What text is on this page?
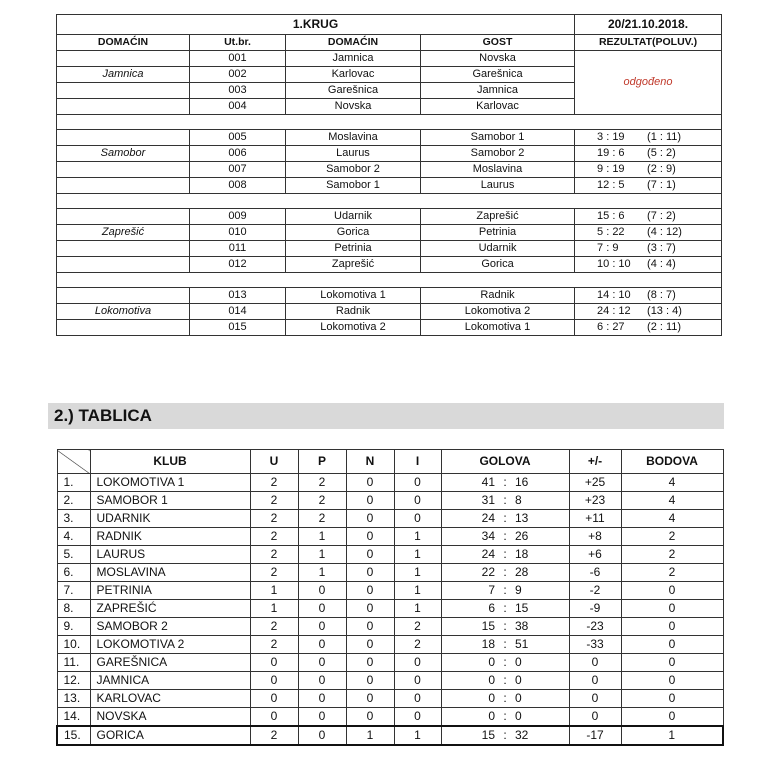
1.KRUG				20/21.10.2018.
DOMAĆIN	Ut.br.	DOMAĆIN	GOST	REZULTAT(POLUV.)
	001	Jamnica	Novska	odgođeno
Jamnica	002	Karlovac	Garešnica	
	003	Garešnica	Jamnica	
	004	Novska	Karlovac	

	005	Moslavina	Samobor 1	3 : 19 (1 : 11)
Samobor	006	Laurus	Samobor 2	19 : 6 (5 : 2)
	007	Samobor 2	Moslavina	9 : 19 (2 : 9)
	008	Samobor 1	Laurus	12 : 5 (7 : 1)

	009	Udarnik	Zaprešić	15 : 6 (7 : 2)
Zaprešić	010	Gorica	Petrinia	5 : 22 (4 : 12)
	011	Petrinia	Udarnik	7 : 9 (3 : 7)
	012	Zaprešić	Gorica	10 : 10 (4 : 4)

	013	Lokomotiva 1	Radnik	14 : 10 (8 : 7)
Lokomotiva	014	Radnik	Lokomotiva 2	24 : 12 (13 : 4)
	015	Lokomotiva 2	Lokomotiva 1	6 : 27 (2 : 11)
2.) TABLICA
	KLUB	U	P	N	I	GOLOVA	+/-	BODOVA
1.	LOKOMOTIVA 1	2	2	0	0	41 : 16	+25	4
2.	SAMOBOR 1	2	2	0	0	31 : 8	+23	4
3.	UDARNIK	2	2	0	0	24 : 13	+11	4
4.	RADNIK	2	1	0	1	34 : 26	+8	2
5.	LAURUS	2	1	0	1	24 : 18	+6	2
6.	MOSLAVINA	2	1	0	1	22 : 28	-6	2
7.	PETRINIA	1	0	0	1	7 : 9	-2	0
8.	ZAPREŠIĆ	1	0	0	1	6 : 15	-9	0
9.	SAMOBOR 2	2	0	0	2	15 : 38	-23	0
10.	LOKOMOTIVA 2	2	0	0	2	18 : 51	-33	0
11.	GAREŠNICA	0	0	0	0	0 : 0	0	0
12.	JAMNICA	0	0	0	0	0 : 0	0	0
13.	KARLOVAC	0	0	0	0	0 : 0	0	0
14.	NOVSKA	0	0	0	0	0 : 0	0	0
15.	GORICA	2	0	1	1	15 : 32	-17	1
